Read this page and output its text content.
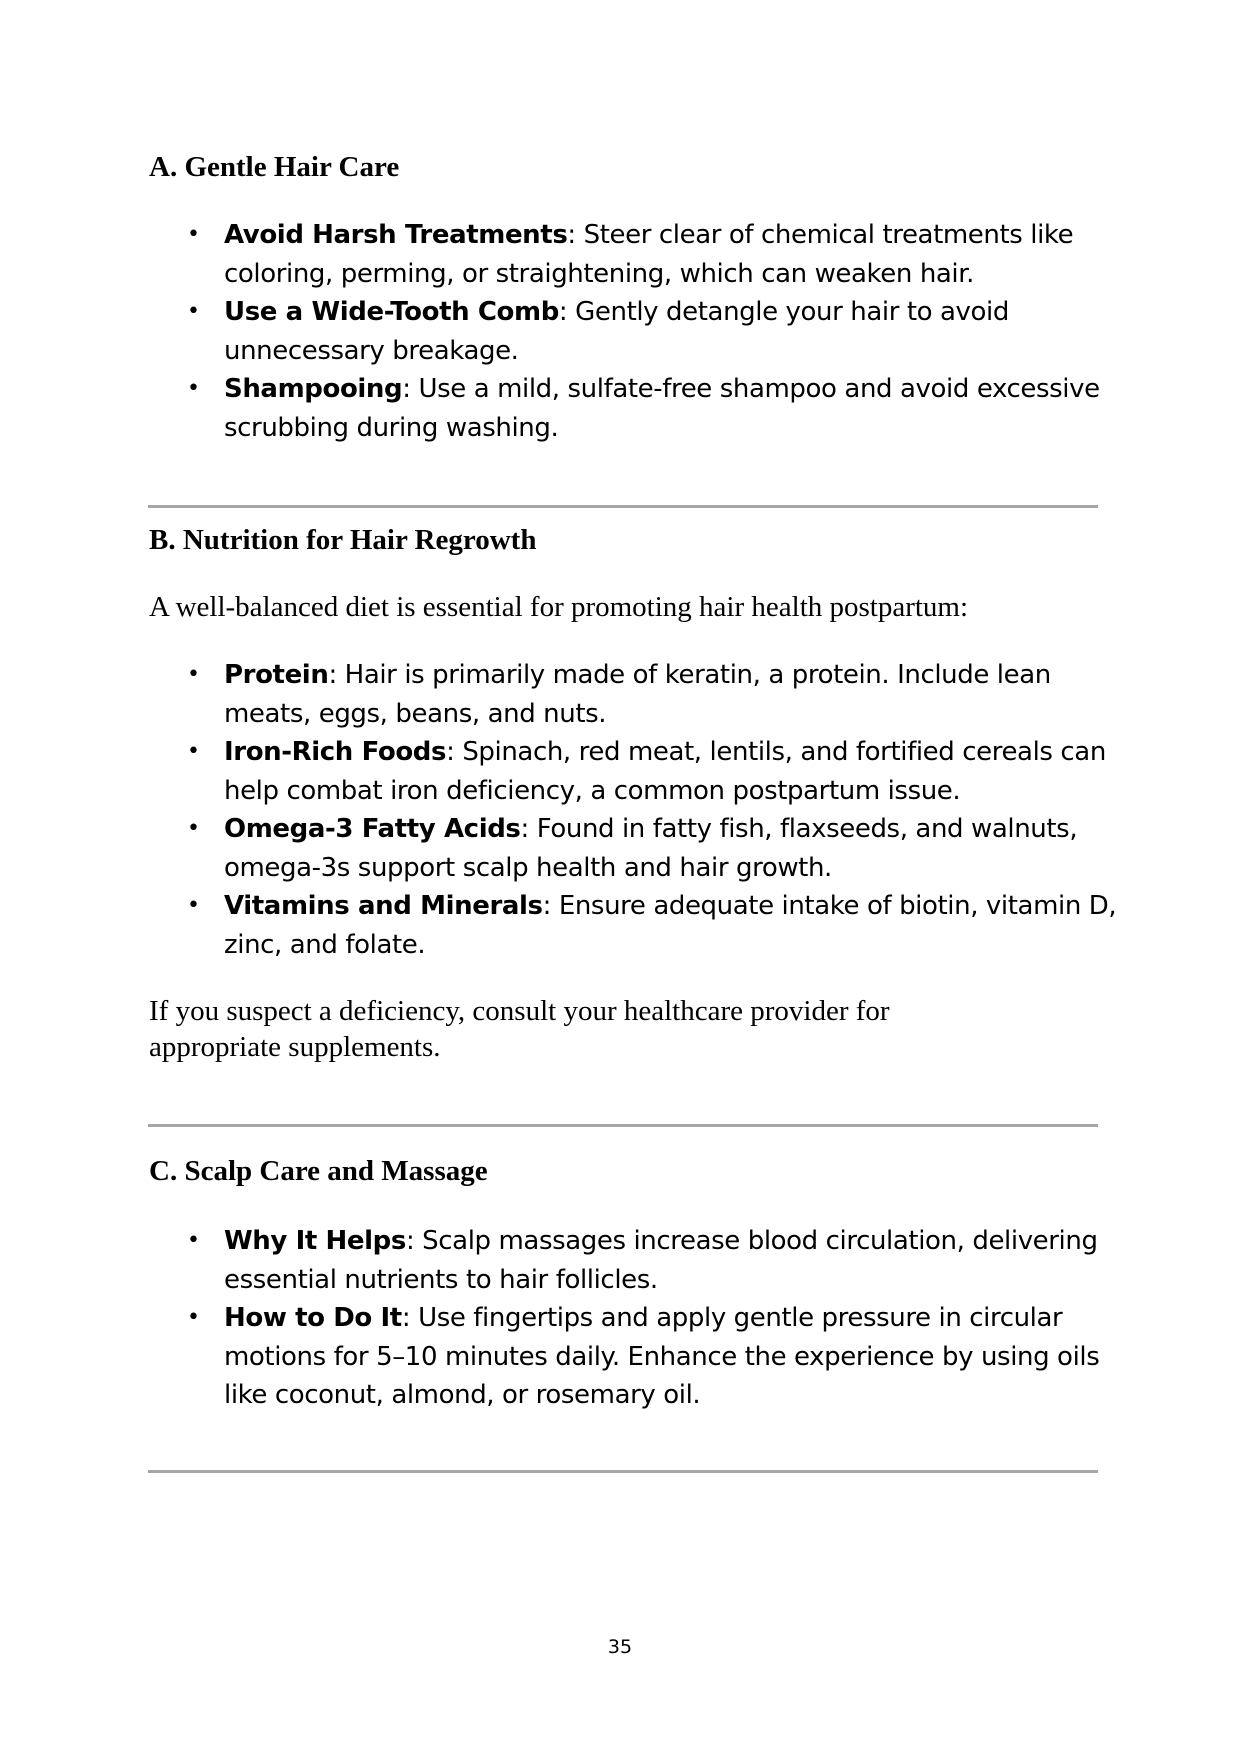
A. Gentle Hair Care
• Avoid Harsh Treatments: Steer clear of chemical treatments like coloring, perming, or straightening, which can weaken hair.
• Use a Wide-Tooth Comb: Gently detangle your hair to avoid unnecessary breakage.
• Shampooing: Use a mild, sulfate-free shampoo and avoid excessive scrubbing during washing.
B. Nutrition for Hair Regrowth

A well-balanced diet is essential for promoting hair health postpartum:

• Protein: Hair is primarily made of keratin, a protein. Include lean meats, eggs, beans, and nuts.
• Iron-Rich Foods: Spinach, red meat, lentils, and fortified cereals can help combat iron deficiency, a common postpartum issue.
• Omega-3 Fatty Acids: Found in fatty fish, flaxseeds, and walnuts, omega-3s support scalp health and hair growth.
• Vitamins and Minerals: Ensure adequate intake of biotin, vitamin D, zinc, and folate.

If you suspect a deficiency, consult your healthcare provider for appropriate supplements.

C. Scalp Care and Massage
• Why It Helps: Scalp massages increase blood circulation, delivering essential nutrients to hair follicles.
• How to Do It: Use fingertips and apply gentle pressure in circular motions for 5–10 minutes daily. Enhance the experience by using oils like coconut, almond, or rosemary oil.
35
